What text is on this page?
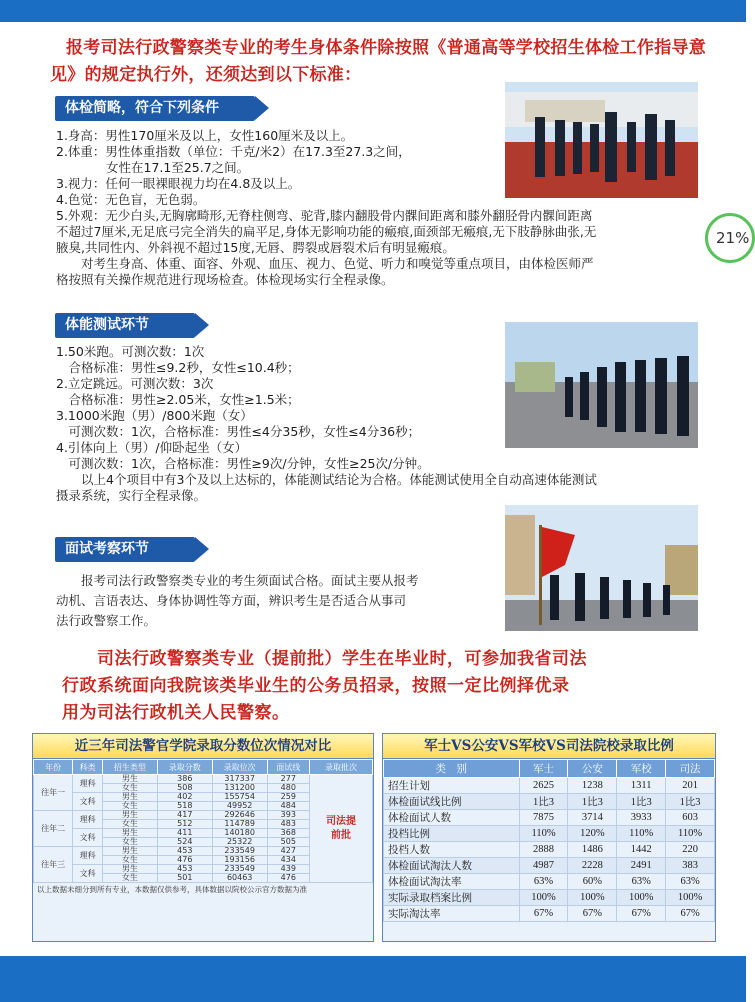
报考司法行政警察类专业的考生身体条件除按照《普通高等学校招生体检工作指导意见》的规定执行外，还须达到以下标准：
体检简略，符合下列条件
1.身高：男性170厘米及以上，女性160厘米及以上。
2.体重：男性体重指数（单位：千克/米2）在17.3至27.3之间，
　　　　女性在17.1至25.7之间。
3.视力：任何一眼裸眼视力均在4.8及以上。
4.色觉：无色盲，无色弱。
5.外观：无少白头,无胸廓畸形,无脊柱侧弯、驼背,膝内翻股骨内髁间距离和膝外翻胫骨内髁间距离
不超过7厘米,无足底弓完全消失的扁平足,身体无影响功能的瘢痕,面颈部无瘢痕,无下肢静脉曲张,无
腋臭,共同性内、外斜视不超过15度,无唇、腭裂或唇裂术后有明显瘢痕。
　　对考生身高、体重、面容、外观、血压、视力、色觉、听力和嗅觉等重点项目，由体检医师严
格按照有关操作规范进行现场检查。体检现场实行全程录像。
21%
体能测试环节
1.50米跑。可测次数：1次
　合格标准：男性≤9.2秒，女性≤10.4秒；
2.立定跳远。可测次数：3次
　合格标准：男性≥2.05米，女性≥1.5米；
3.1000米跑（男）/800米跑（女）
　可测次数：1次，合格标准：男性≤4分35秒，女性≤4分36秒；
4.引体向上（男）/仰卧起坐（女）
　可测次数：1次，合格标准：男性≥9次/分钟，女性≥25次/分钟。
　　以上4个项目中有3个及以上达标的，体能测试结论为合格。体能测试使用全自动高速体能测试
摄录系统，实行全程录像。
面试考察环节
　　报考司法行政警察类专业的考生须面试合格。面试主要从报考
动机、言语表达、身体协调性等方面，辨识考生是否适合从事司
法行政警察工作。
　　司法行政警察类专业（提前批）学生在毕业时，可参加我省司法
行政系统面向我院该类毕业生的公务员招录，按照一定比例择优录
用为司法行政机关人民警察。
近三年司法警官学院录取分数位次情况对比
年份	科类	招生类型	录取分数	录取位次	面试线	录取批次
往年一	理科	男生	386	317337	277	司法提前批
		女生	508	131200	480	
	文科	男生	402	155754	259	
		女生	518	49952	484	
往年二	理科	男生	417	292646	393	
		女生	512	114789	483	
	文科	男生	411	140180	368	
		女生	524	25322	505	
往年三	理科	男生	453	233549	427	
		女生	476	193156	434	
	文科	男生	453	233549	439	
		女生	501	60463	476	
以上数据未细分到所有专业，本数据仅供参考，具体数据以院校公示官方数据为准
军士VS公安VS军校VS司法院校录取比例
类　别	军士	公安	军校	司法
招生计划	2625	1238	1311	201
体检面试线比例	1比3	1比3	1比3	1比3
体检面试人数	7875	3714	3933	603
投档比例	110%	120%	110%	110%
投档人数	2888	1486	1442	220
体检面试淘汰人数	4987	2228	2491	383
体检面试淘汰率	63%	60%	63%	63%
实际录取档案比例	100%	100%	100%	100%
实际淘汰率	67%	67%	67%	67%
